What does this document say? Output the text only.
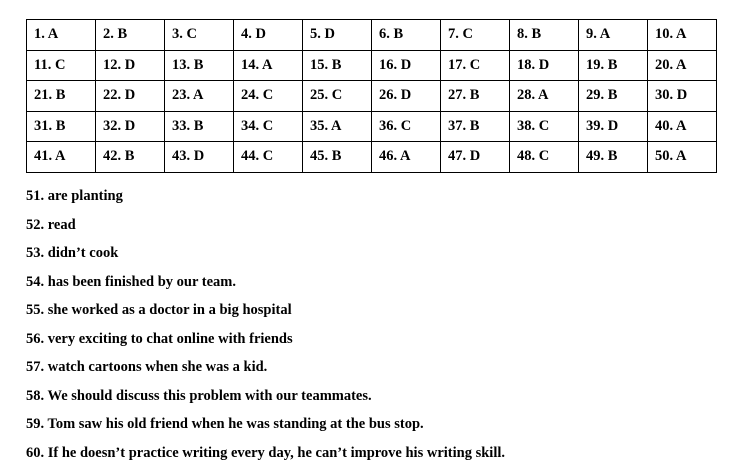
1. A	2. B	3. C	4. D	5. D	6. B	7. C	8. B	9. A	10. A
11. C	12. D	13. B	14. A	15. B	16. D	17. C	18. D	19. B	20. A
21. B	22. D	23. A	24. C	25. C	26. D	27. B	28. A	29. B	30. D
31. B	32. D	33. B	34. C	35. A	36. C	37. B	38. C	39. D	40. A
41. A	42. B	43. D	44. C	45. B	46. A	47. D	48. C	49. B	50. A
51. are planting
52. read
53. didn’t cook
54. has been finished by our team.
55. she worked as a doctor in a big hospital
56. very exciting to chat online with friends
57. watch cartoons when she was a kid.
58. We should discuss this problem with our teammates.
59. Tom saw his old friend when he was standing at the bus stop.
60. If he doesn’t practice writing every day, he can’t improve his writing skill.
